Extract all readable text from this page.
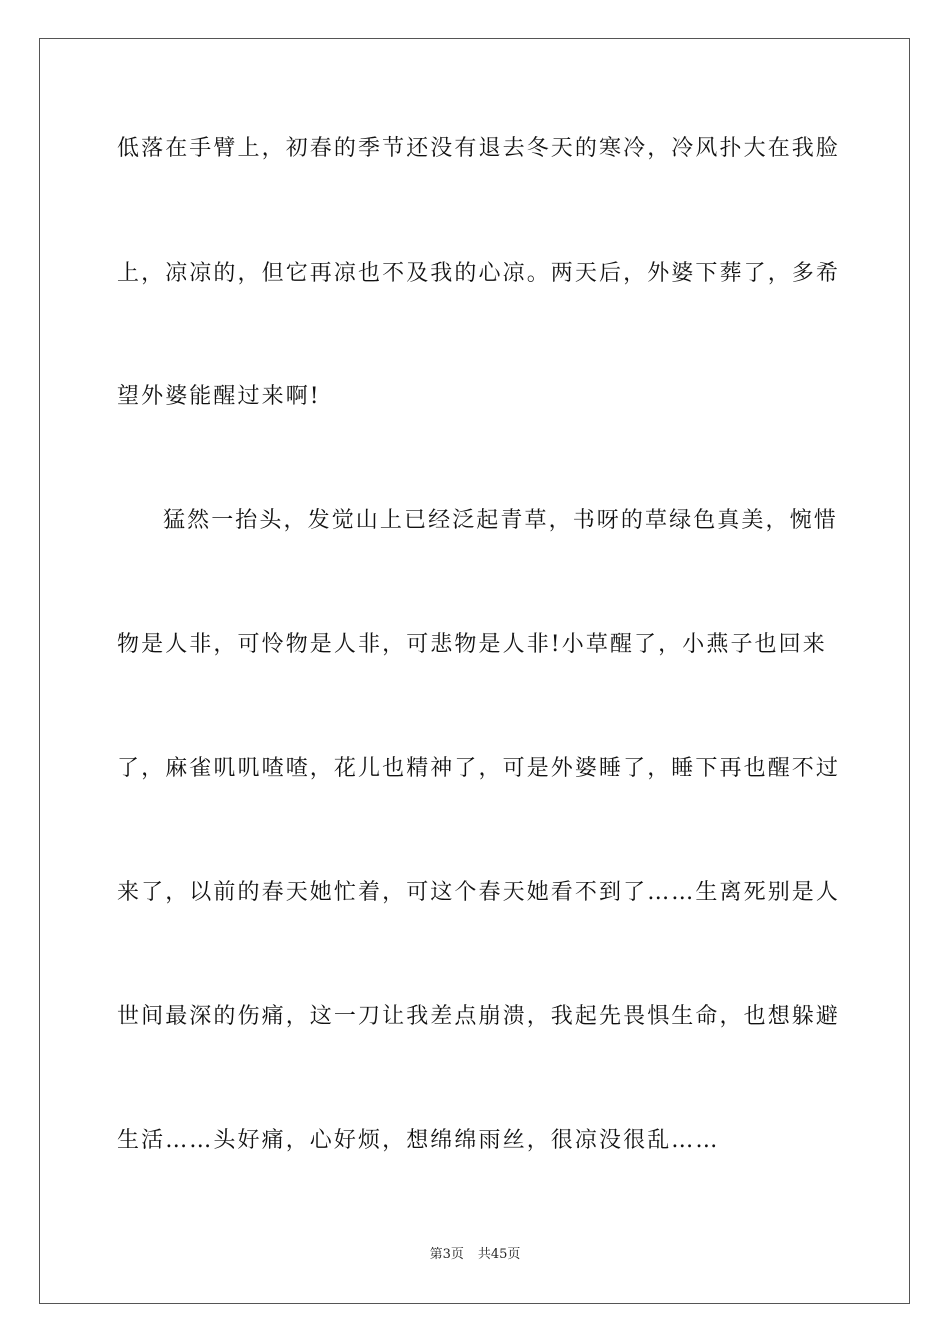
低落在手臂上，初春的季节还没有退去冬天的寒冷，冷风扑大在我脸
上，凉凉的，但它再凉也不及我的心凉。两天后，外婆下葬了，多希
望外婆能醒过来啊!
猛然一抬头，发觉山上已经泛起青草，书呀的草绿色真美，惋惜
物是人非，可怜物是人非，可悲物是人非!小草醒了，小燕子也回来
了，麻雀叽叽喳喳，花儿也精神了，可是外婆睡了，睡下再也醒不过
来了，以前的春天她忙着，可这个春天她看不到了……生离死别是人
世间最深的伤痛，这一刀让我差点崩溃，我起先畏惧生命，也想躲避
生活……头好痛，心好烦，想绵绵雨丝，很凉没很乱……
第3页 共45页
